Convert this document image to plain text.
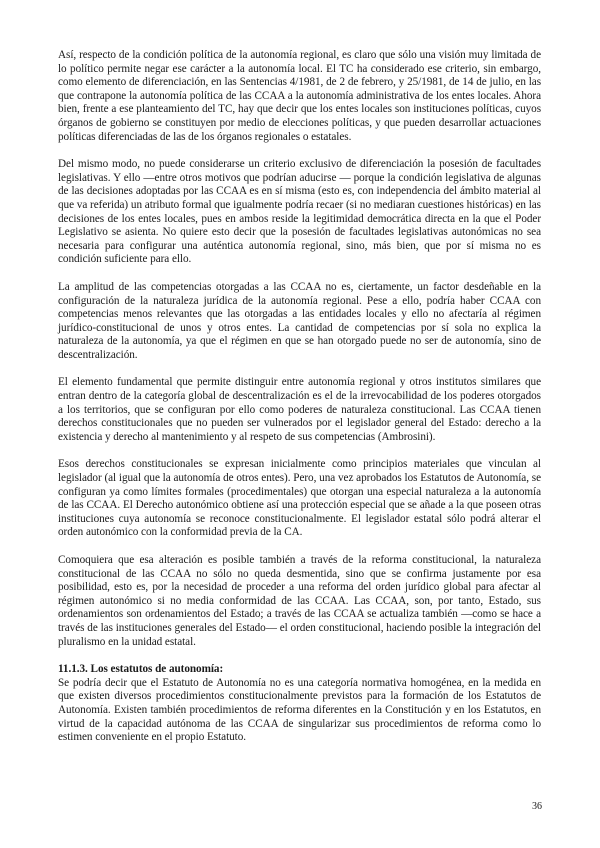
Así, respecto de la condición política de la autonomía regional, es claro que sólo una visión muy limitada de lo político permite negar ese carácter a la autonomía local. El TC ha considerado ese criterio, sin embargo, como elemento de diferenciación, en las Sentencias 4/1981, de 2 de febrero, y 25/1981, de 14 de julio, en las que contrapone la autonomía política de las CCAA a la autonomía administrativa de los entes locales. Ahora bien, frente a ese planteamiento del TC, hay que decir que los entes locales son instituciones políticas, cuyos órganos de gobierno se constituyen por medio de elecciones políticas, y que pueden desarrollar actuaciones políticas diferenciadas de las de los órganos regionales o estatales.

Del mismo modo, no puede considerarse un criterio exclusivo de diferenciación la posesión de facultades legislativas. Y ello —entre otros motivos que podrían aducirse — porque la condición legislativa de algunas de las decisiones adoptadas por las CCAA es en sí misma (esto es, con independencia del ámbito material al que va referida) un atributo formal que igualmente podría recaer (si no mediaran cuestiones históricas) en las decisiones de los entes locales, pues en ambos reside la legitimidad democrática directa en la que el Poder Legislativo se asienta. No quiere esto decir que la posesión de facultades legislativas autonómicas no sea necesaria para configurar una auténtica autonomía regional, sino, más bien, que por sí misma no es condición suficiente para ello.

La amplitud de las competencias otorgadas a las CCAA no es, ciertamente, un factor desdeñable en la configuración de la naturaleza jurídica de la autonomía regional. Pese a ello, podría haber CCAA con competencias menos relevantes que las otorgadas a las entidades locales y ello no afectaría al régimen jurídico-constitucional de unos y otros entes. La cantidad de competencias por sí sola no explica la naturaleza de la autonomía, ya que el régimen en que se han otorgado puede no ser de autonomía, sino de descentralización.

El elemento fundamental que permite distinguir entre autonomía regional y otros institutos similares que entran dentro de la categoría global de descentralización es el de la irrevocabilidad de los poderes otorgados a los territorios, que se configuran por ello como poderes de naturaleza constitucional. Las CCAA tienen derechos constitucionales que no pueden ser vulnerados por el legislador general del Estado: derecho a la existencia y derecho al mantenimiento y al respeto de sus competencias (Ambrosini).

Esos derechos constitucionales se expresan inicialmente como principios materiales que vinculan al legislador (al igual que la autonomía de otros entes). Pero, una vez aprobados los Estatutos de Autonomía, se configuran ya como límites formales (procedimentales) que otorgan una especial naturaleza a la autonomía de las CCAA. El Derecho autonómico obtiene así una protección especial que se añade a la que poseen otras instituciones cuya autonomía se reconoce constitucionalmente. El legislador estatal sólo podrá alterar el orden autonómico con la conformidad previa de la CA.

Comoquiera que esa alteración es posible también a través de la reforma constitucional, la naturaleza constitucional de las CCAA no sólo no queda desmentida, sino que se confirma justamente por esa posibilidad, esto es, por la necesidad de proceder a una reforma del orden jurídico global para afectar al régimen autonómico si no media conformidad de las CCAA. Las CCAA, son, por tanto, Estado, sus ordenamientos son ordenamientos del Estado; a través de las CCAA se actualiza también —como se hace a través de las instituciones generales del Estado— el orden constitucional, haciendo posible la integración del pluralismo en la unidad estatal.

11.1.3. Los estatutos de autonomía:

Se podría decir que el Estatuto de Autonomía no es una categoría normativa homogénea, en la medida en que existen diversos procedimientos constitucionalmente previstos para la formación de los Estatutos de Autonomía. Existen también procedimientos de reforma diferentes en la Constitución y en los Estatutos, en virtud de la capacidad autónoma de las CCAA de singularizar sus procedimientos de reforma como lo estimen conveniente en el propio Estatuto.

36
